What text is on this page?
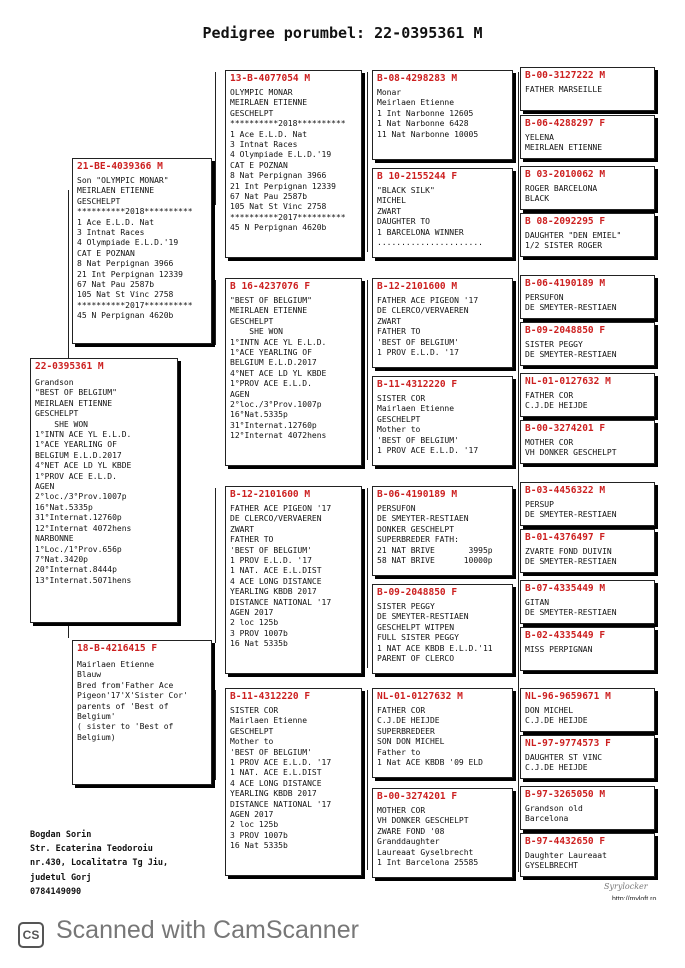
Pedigree porumbel: 22-0395361 M
22-0395361 M
Grandson
"BEST OF BELGIUM"
MEIRLAEN ETIENNE
GESCHELPT
SHE WON
1°INTN ACE YL E.L.D.
1°ACE YEARLING OF
BELGIUM E.L.D.2017
4°NET ACE LD YL KBDE
1°PROV ACE E.L.D.
AGEN
2°loc./3°Prov.1007p
16°Nat.5335p
31°Internat.12760p
12°Internat 4072hens
NARBONNE
1°Loc./1°Prov.656p
7°Nat.3420p
20°Internat.8444p
13°Internat.5071hens
21-BE-4039366 M
Son "OLYMPIC MONAR"
MEIRLAEN ETIENNE
GESCHELPT
**********2018**********
1 Ace E.L.D. Nat
3 Intnat Races
4 Olympiade E.L.D.'19
CAT E POZNAN
8 Nat Perpignan 3966
21 Int Perpignan 12339
67 Nat Pau 2587b
105 Nat St Vinc 2758
**********2017**********
45 N Perpignan 4620b
18-B-4216415 F
Mairlaen Etienne
Blauw
Bred from'Father Ace
Pigeon'17'X'Sister Cor'
parents of 'Best of
Belgium'
( sister to 'Best of
Belgium)
13-B-4077054 M
OLYMPIC MONAR
MEIRLAEN ETIENNE
GESCHELPT
**********2018**********
1 Ace E.L.D. Nat
3 Intnat Races
4 Olympiade E.L.D.'19
CAT E POZNAN
8 Nat Perpignan 3966
21 Int Perpignan 12339
67 Nat Pau 2587b
105 Nat St Vinc 2758
**********2017**********
45 N Perpignan 4620b
B 16-4237076 F
"BEST OF BELGIUM"
MEIRLAEN ETIENNE
GESCHELPT
SHE WON
1°INTN ACE YL E.L.D.
1°ACE YEARLING OF
BELGIUM E.L.D.2017
4°NET ACE LD YL KBDE
1°PROV ACE E.L.D.
AGEN
2°loc./3°Prov.1007p
16°Nat.5335p
31°Internat.12760p
12°Internat 4072hens
B-12-2101600 M
FATHER ACE PIGEON '17
DE CLERCO/VERVAEREN
ZWART
FATHER TO
'BEST OF BELGIUM'
1 PROV E.L.D. '17
1 NAT. ACE E.L.DIST
4 ACE LONG DISTANCE
YEARLING KBDB 2017
DISTANCE NATIONAL '17
AGEN 2017
2 loc 125b
3 PROV 1007b
16 Nat 5335b
B-11-4312220 F
SISTER COR
Mairlaen Etienne
GESCHELPT
Mother to
'BEST OF BELGIUM'
1 PROV ACE E.L.D. '17
1 NAT. ACE E.L.DIST
4 ACE LONG DISTANCE
YEARLING KBDB 2017
DISTANCE NATIONAL '17
AGEN 2017
2 loc 125b
3 PROV 1007b
16 Nat 5335b
B-08-4298283 M
Monar
Meirlaen Etienne
1 Int Narbonne 12605
1 Nat Narbonne 6428
11 Nat Narbonne 10005
B 10-2155244 F
"BLACK SILK"
MICHEL
ZWART
DAUGHTER TO
1 BARCELONA WINNER
......................
B-12-2101600 M
FATHER ACE PIGEON '17
DE CLERCO/VERVAEREN
ZWART
FATHER TO
'BEST OF BELGIUM'
1 PROV E.L.D. '17
B-11-4312220 F
SISTER COR
Mairlaen Etienne
GESCHELPT
Mother to
'BEST OF BELGIUM'
1 PROV ACE E.L.D. '17
B-06-4190189 M
PERSUFON
DE SMEYTER-RESTIAEN
DONKER GESCHELPT
SUPERBREDER FATH:
21 NAT BRIVE       3995p
58 NAT BRIVE      10000p
B-09-2048850 F
SISTER PEGGY
DE SMEYTER-RESTIAEN
GESCHELPT WITPEN
FULL SISTER PEGGY
1 NAT ACE KBDB E.L.D.'11
PARENT OF CLERCO
NL-01-0127632 M
FATHER COR
C.J.DE HEIJDE
SUPERBREDEER
SON DON MICHEL
Father to
1 Nat ACE KBDB '09 ELD
B-00-3274201 F
MOTHER COR
VH DONKER GESCHELPT
ZWARE FOND '08
Granddaughter
Laureaat Gyselbrecht
1 Int Barcelona 25585
B-00-3127222 M
FATHER MARSEILLE
B-06-4288297 F
YELENA
MEIRLAEN ETIENNE
B 03-2010062 M
ROGER BARCELONA
BLACK
B 08-2092295 F
DAUGHTER "DEN EMIEL"
1/2 SISTER ROGER
B-06-4190189 M
PERSUFON
DE SMEYTER-RESTIAEN
B-09-2048850 F
SISTER PEGGY
DE SMEYTER-RESTIAEN
NL-01-0127632 M
FATHER COR
C.J.DE HEIJDE
B-00-3274201 F
MOTHER COR
VH DONKER GESCHELPT
B-03-4456322 M
PERSUP
DE SMEYTER-RESTIAEN
B-01-4376497 F
ZVARTE FOND DUIVIN
DE SMEYTER-RESTIAEN
B-07-4335449 M
GITAN
DE SMEYTER-RESTIAEN
B-02-4335449 F
MISS PERPIGNAN
NL-96-9659671 M
DON MICHEL
C.J.DE HEIJDE
NL-97-9774573 F
DAUGHTER ST VINC
C.J.DE HEIJDE
B-97-3265050 M
Grandson old
Barcelona
B-97-4432650 F
Daughter Laureaat
GYSELBRECHT
Bogdan Sorin
Str. Ecaterina Teodoroiu
nr.430, Localitatra Tg Jiu,
judetul Gorj
0784149090
Syrylocker
CS Scanned with CamScanner
